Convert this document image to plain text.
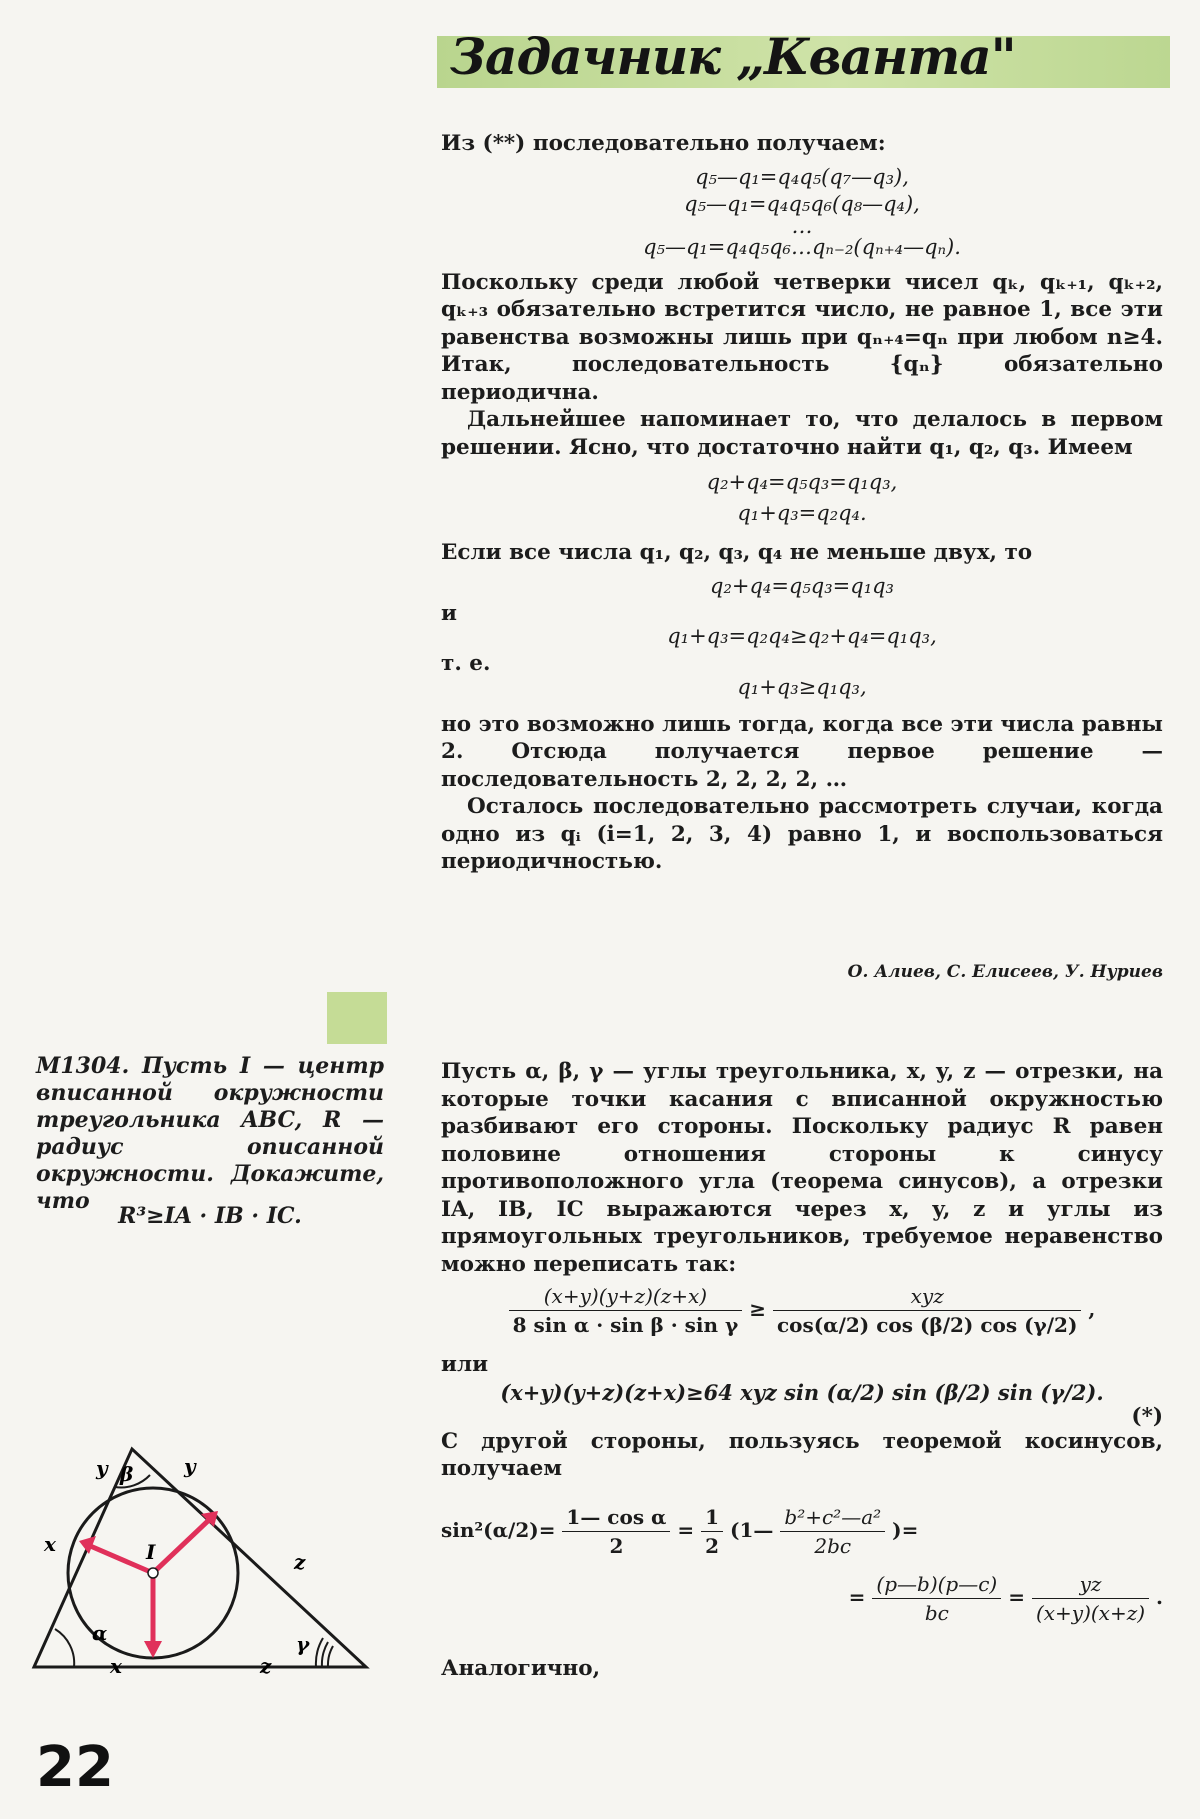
Задачник „Кванта"

Из (**) последовательно получаем:

q₅—q₁=q₄q₅(q₇—q₃),

q₅—q₁=q₄q₅q₆(q₈—q₄),

…

q₅—q₁=q₄q₅q₆…qₙ₋₂(qₙ₊₄—qₙ).

Поскольку среди любой четверки чисел qₖ, qₖ₊₁, qₖ₊₂, qₖ₊₃ обязательно встретится число, не равное 1, все эти равенства возможны лишь при qₙ₊₄=qₙ при любом n≥4. Итак, последовательность {qₙ} обязательно периодична.

Дальнейшее напоминает то, что делалось в первом решении. Ясно, что достаточно найти q₁, q₂, q₃. Имеем

q₂+q₄=q₅q₃=q₁q₃,

q₁+q₃=q₂q₄.

Если все числа q₁, q₂, q₃, q₄ не меньше двух, то

q₂+q₄=q₅q₃=q₁q₃

и

q₁+q₃=q₂q₄≥q₂+q₄=q₁q₃,

т. е.

q₁+q₃≥q₁q₃,

но это возможно лишь тогда, когда все эти числа равны 2. Отсюда получается первое решение — последовательность 2, 2, 2, 2, …

Осталось последовательно рассмотреть случаи, когда одно из qᵢ (i=1, 2, 3, 4) равно 1, и воспользоваться периодичностью.

О. Алиев, С. Елисеев, У. Нуриев

М1304. Пусть I — центр вписанной окружности треугольника ABC, R — радиус описанной окружности. Докажите, что

R³≥IA · IB · IC.

Пусть α, β, γ — углы треугольника, x, y, z — отрезки, на которые точки касания с вписанной окружностью разбивают его стороны. Поскольку радиус R равен половине отношения стороны к синусу противоположного угла (теорема синусов), а отрезки IA, IB, IC выражаются через x, y, z и углы из прямоугольных треугольников, требуемое неравенство можно переписать так:

$\frac{(x+y)(y+z)(z+x)}{\text{8 sin α · sin β · sin γ}} \ge \frac{\text{xyz}}{\cos(\alpha/2) \cos (\beta/2) \cos (\gamma/2)}$ ,

или

(x+y)(y+z)(z+x)≥64 xyz sin (α/2) sin (β/2) sin (γ/2).

(*)

С другой стороны, пользуясь теоремой косинусов, получаем

$\sin^2(\alpha/2)= \frac{\text{1— cos α}}{2} = \frac{1}{2}$ (1— $\frac{\text{b²+c²—a²}}{2bc}$ )=
= $\frac{(p—b)(p—c)}{bc} = \frac{yz}{(x+y)(x+z)}$ .

Аналогично,

I
α
β
γ
x
x
y	y
z
z
22
